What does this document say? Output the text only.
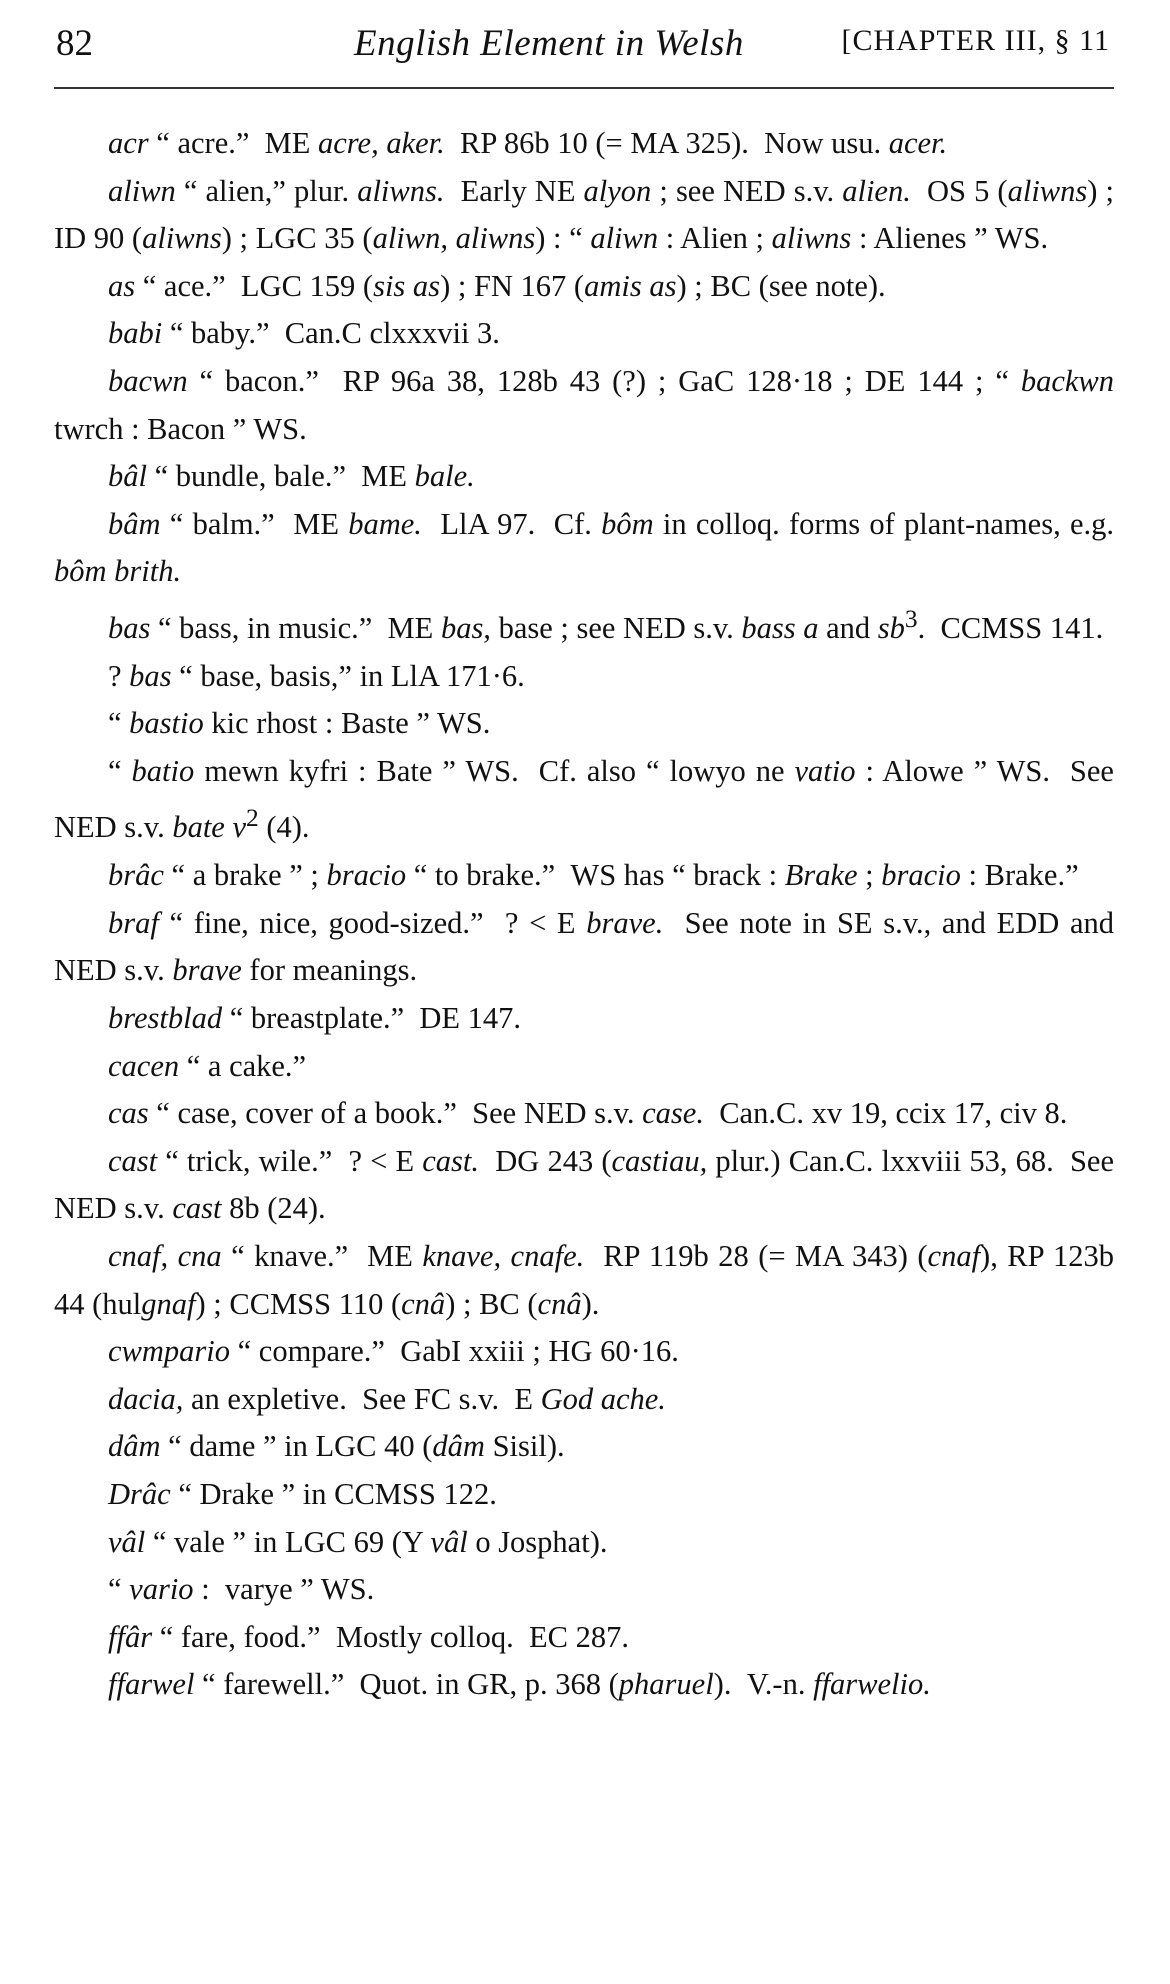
82	English Element in Welsh	[CHAPTER III, § 11

acr “ acre.”  ME acre, aker.  RP 86b 10 (= MA 325).  Now usu. acer.

aliwn “ alien,” plur. aliwns.  Early NE alyon ; see NED s.v. alien.  OS 5 (aliwns) ; ID 90 (aliwns) ; LGC 35 (aliwn, aliwns) : “ aliwn : Alien ; aliwns : Alienes ” WS.

as “ ace.”  LGC 159 (sis as) ; FN 167 (amis as) ; BC (see note).

babi “ baby.”  Can.C clxxxvii 3.

bacwn “ bacon.”  RP 96a 38, 128b 43 (?) ; GaC 128·18 ; DE 144 ; “ backwn twrch : Bacon ” WS.

bâl “ bundle, bale.”  ME bale.

bâm “ balm.”  ME bame.  LlA 97.  Cf. bôm in colloq. forms of plant-names, e.g. bôm brith.

bas “ bass, in music.”  ME bas, base ; see NED s.v. bass a and $sb^3$.  CCMSS 141.

? bas “ base, basis,” in LlA 171·6.

“ bastio kic rhost : Baste ” WS.

“ batio mewn kyfri : Bate ” WS.  Cf. also “ lowyo ne vatio : Alowe ” WS.  See NED s.v. bate $v^2$ (4).

brâc “ a brake ” ; bracio “ to brake.”  WS has “ brack : Brake ; bracio : Brake.”

braf “ fine, nice, good-sized.”  ? < E brave.  See note in SE s.v., and EDD and NED s.v. brave for meanings.

brestblad “ breastplate.”  DE 147.

cacen “ a cake.”

cas “ case, cover of a book.”  See NED s.v. case.  Can.C. xv 19, ccix 17, civ 8.

cast “ trick, wile.”  ? < E cast.  DG 243 (castiau, plur.) Can.C. lxxviii 53, 68.  See NED s.v. cast 8b (24).

cnaf, cna “ knave.”  ME knave, cnafe.  RP 119b 28 (= MA 343) (cnaf), RP 123b 44 (hulgnaf) ; CCMSS 110 (cnâ) ; BC (cnâ).

cwmpario “ compare.”  GabI xxiii ; HG 60·16.

dacia, an expletive.  See FC s.v.  E God ache.

dâm “ dame ” in LGC 40 (dâm Sisil).

Drâc “ Drake ” in CCMSS 122.

vâl “ vale ” in LGC 69 (Y vâl o Josphat).

“ vario :  varye ” WS.

ffâr “ fare, food.”  Mostly colloq.  EC 287.

ffarwel “ farewell.”  Quot. in GR, p. 368 (pharuel).  V.-n. ffarwelio.
